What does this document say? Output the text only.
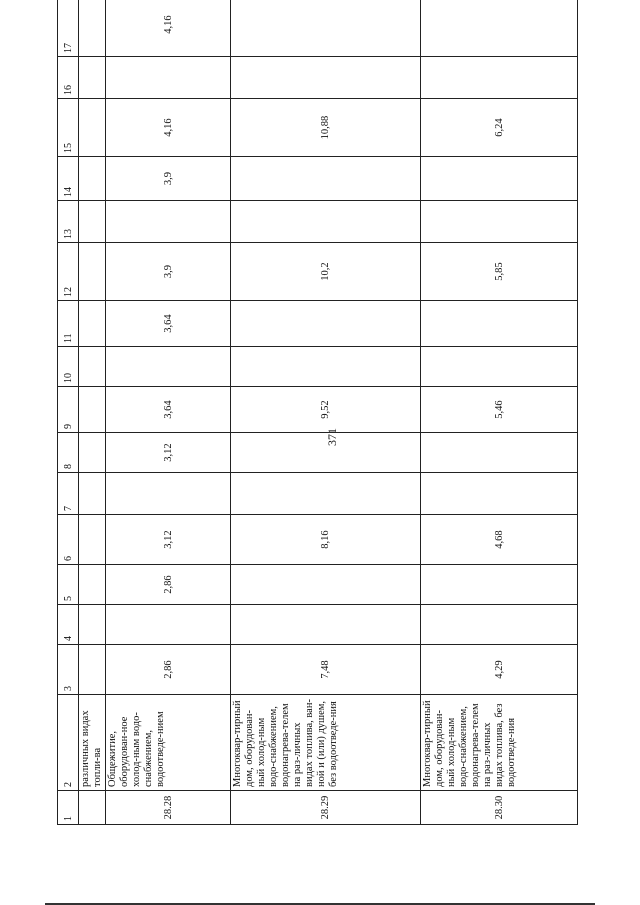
371
1	2	3	4	5	6	7	8	9	10	11	12	13	14	15	16	17
	различных видах топли-ва															
28.28	Общежитие, оборудован-ное холод-ным водо-снабжением, водоотведе-нием	2,86		2,86	3,12		3,12	3,64		3,64	3,9		3,9	4,16		4,16
28.29	Многоквар-тирный дом, оборудован-ный холод-ным водо-снабжением, водонагрева-телем на раз-личных видах топлива, ван-ной и (или) душем, без водоотведе-ния	7,48			8,16			9,52			10,2			10,88		
28.30	Многоквар-тирный дом, оборудован-ный холод-ным водо-снабжением, водонагрева-телем на раз-личных видах топлива, без водоотведе-ния	4,29			4,68			5,46			5,85			6,24		
